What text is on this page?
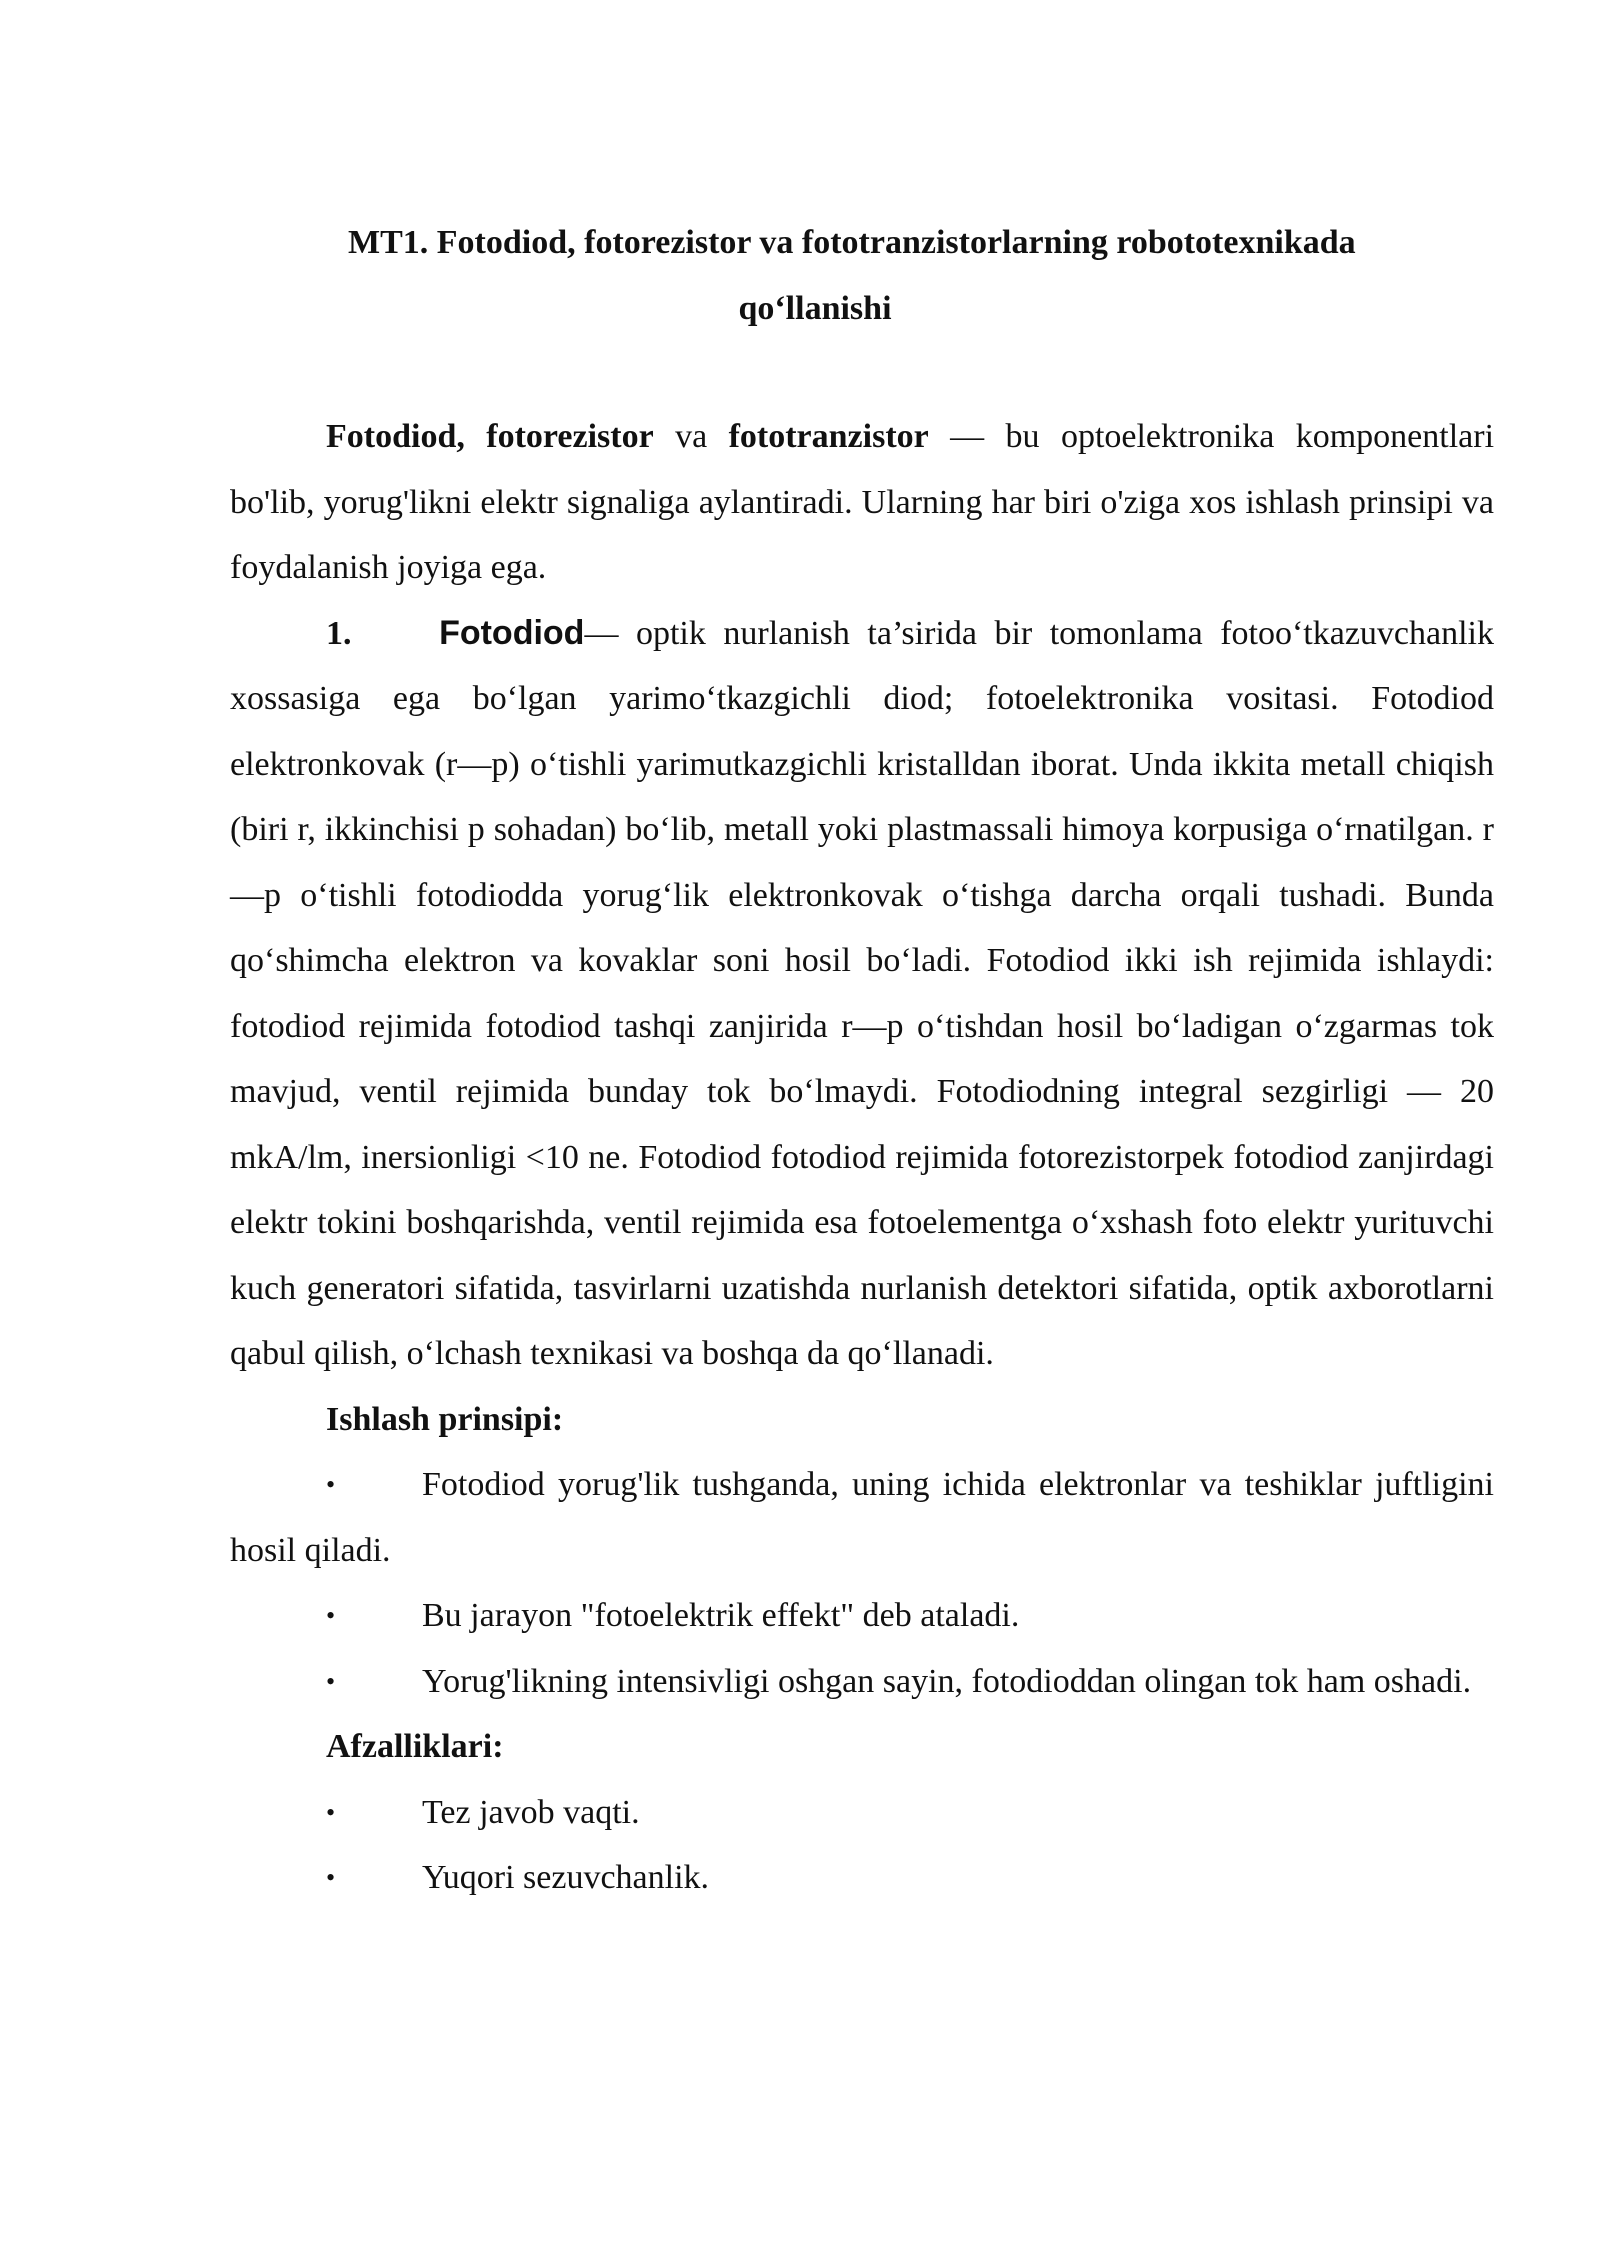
MT1. Fotodiod, fotorezistor va fototranzistorlarning robototexnikada
qo‘llanishi

Fotodiod, fotorezistor va fototranzistor — bu optoelektronika komponentlari bo'lib, yorug'likni elektr signaliga aylantiradi. Ularning har biri o'ziga xos ishlash prinsipi va foydalanish joyiga ega.

1.	Fotodiod— optik nurlanish ta’sirida bir tomonlama fotoo‘tkazuvchanlik xossasiga ega bo‘lgan yarimo‘tkazgichli diod; fotoelektronika vositasi. Fotodiod elektronkovak (r—p) o‘tishli yarimutkazgichli kristalldan iborat. Unda ikkita metall chiqish (biri r, ikkinchisi p sohadan) bo‘lib, metall yoki plastmassali himoya korpusiga o‘rnatilgan. r—p o‘tishli fotodiodda yorug‘lik elektronkovak o‘tishga darcha orqali tushadi. Bunda qo‘shimcha elektron va kovaklar soni hosil bo‘ladi. Fotodiod ikki ish rejimida ishlaydi: fotodiod rejimida fotodiod tashqi zanjirida r—p o‘tishdan hosil bo‘ladigan o‘zgarmas tok mavjud, ventil rejimida bunday tok bo‘lmaydi. Fotodiodning integral sezgirligi — 20 mkA/lm, inersionligi <10 ne. Fotodiod fotodiod rejimida fotorezistorpek fotodiod zanjirdagi elektr tokini boshqarishda, ventil rejimida esa fotoelementga o‘xshash foto elektr yurituvchi kuch generatori sifatida, tasvirlarni uzatishda nurlanish detektori sifatida, optik axborotlarni qabul qilish, o‘lchash texnikasi va boshqa da qo‘llanadi.

Ishlash prinsipi:

•	Fotodiod yorug'lik tushganda, uning ichida elektronlar va teshiklar juftligini hosil qiladi.

•	Bu jarayon "fotoelektrik effekt" deb ataladi.

•	Yorug'likning intensivligi oshgan sayin, fotodioddan olingan tok ham oshadi.

Afzalliklari:

•	Tez javob vaqti.

•	Yuqori sezuvchanlik.
